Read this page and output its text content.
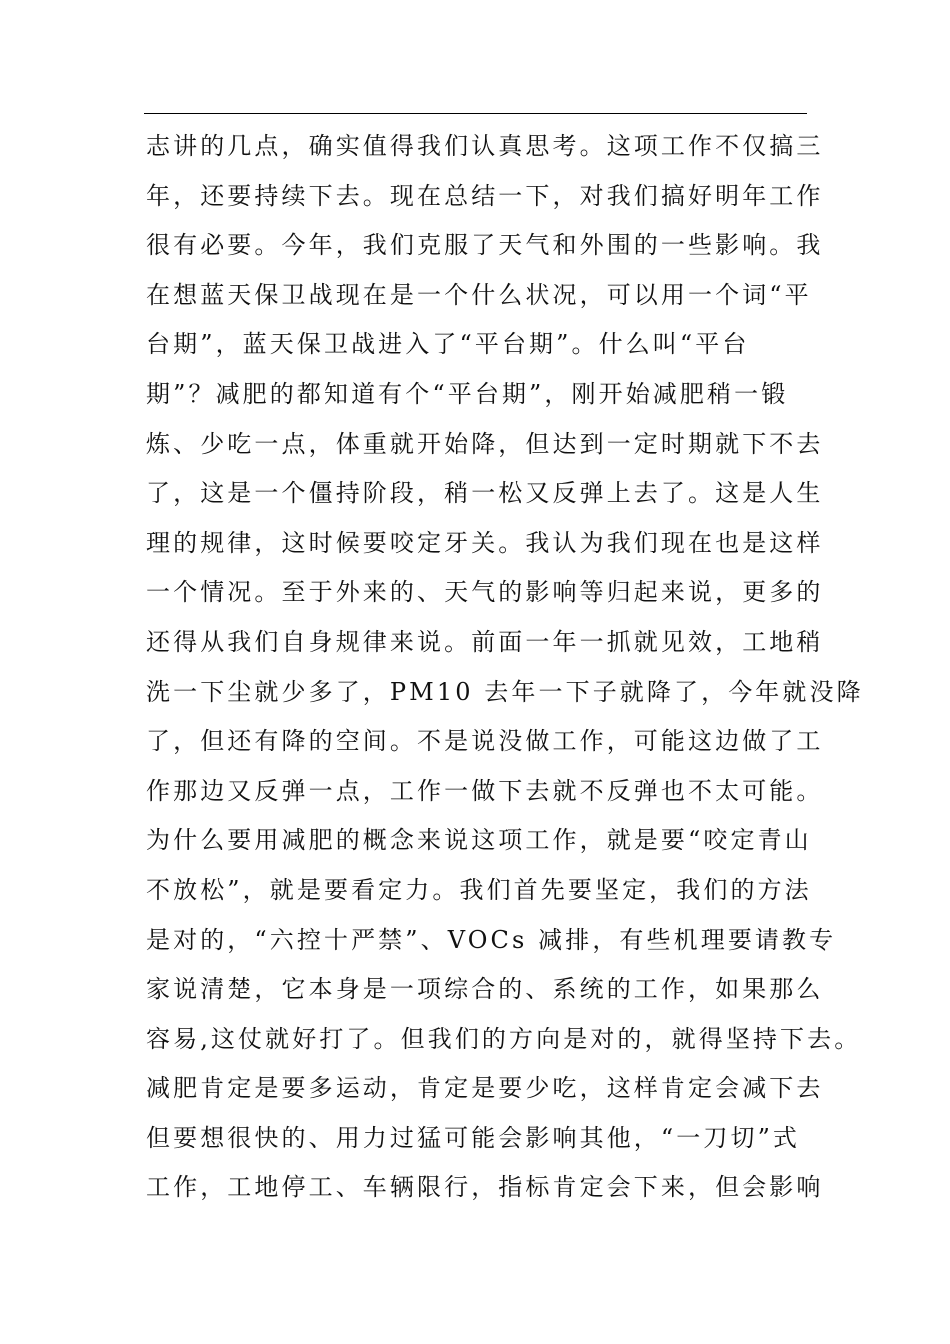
志讲的几点，确实值得我们认真思考。这项工作不仅搞三
年，还要持续下去。现在总结一下，对我们搞好明年工作
很有必要。今年，我们克服了天气和外围的一些影响。我
在想蓝天保卫战现在是一个什么状况，可以用一个词“平
台期”，蓝天保卫战进入了“平台期”。什么叫“平台
期”？减肥的都知道有个“平台期”，刚开始减肥稍一锻
炼、少吃一点，体重就开始降，但达到一定时期就下不去
了，这是一个僵持阶段，稍一松又反弹上去了。这是人生
理的规律，这时候要咬定牙关。我认为我们现在也是这样
一个情况。至于外来的、天气的影响等归起来说，更多的
还得从我们自身规律来说。前面一年一抓就见效，工地稍
洗一下尘就少多了，PM10 去年一下子就降了，今年就没降
了，但还有降的空间。不是说没做工作，可能这边做了工
作那边又反弹一点，工作一做下去就不反弹也不太可能。
为什么要用减肥的概念来说这项工作，就是要“咬定青山
不放松”，就是要看定力。我们首先要坚定，我们的方法
是对的，“六控十严禁”、VOCs 减排，有些机理要请教专
家说清楚，它本身是一项综合的、系统的工作，如果那么
容易,这仗就好打了。但我们的方向是对的，就得坚持下去。
减肥肯定是要多运动，肯定是要少吃，这样肯定会减下去
但要想很快的、用力过猛可能会影响其他，“一刀切”式
工作，工地停工、车辆限行，指标肯定会下来，但会影响
